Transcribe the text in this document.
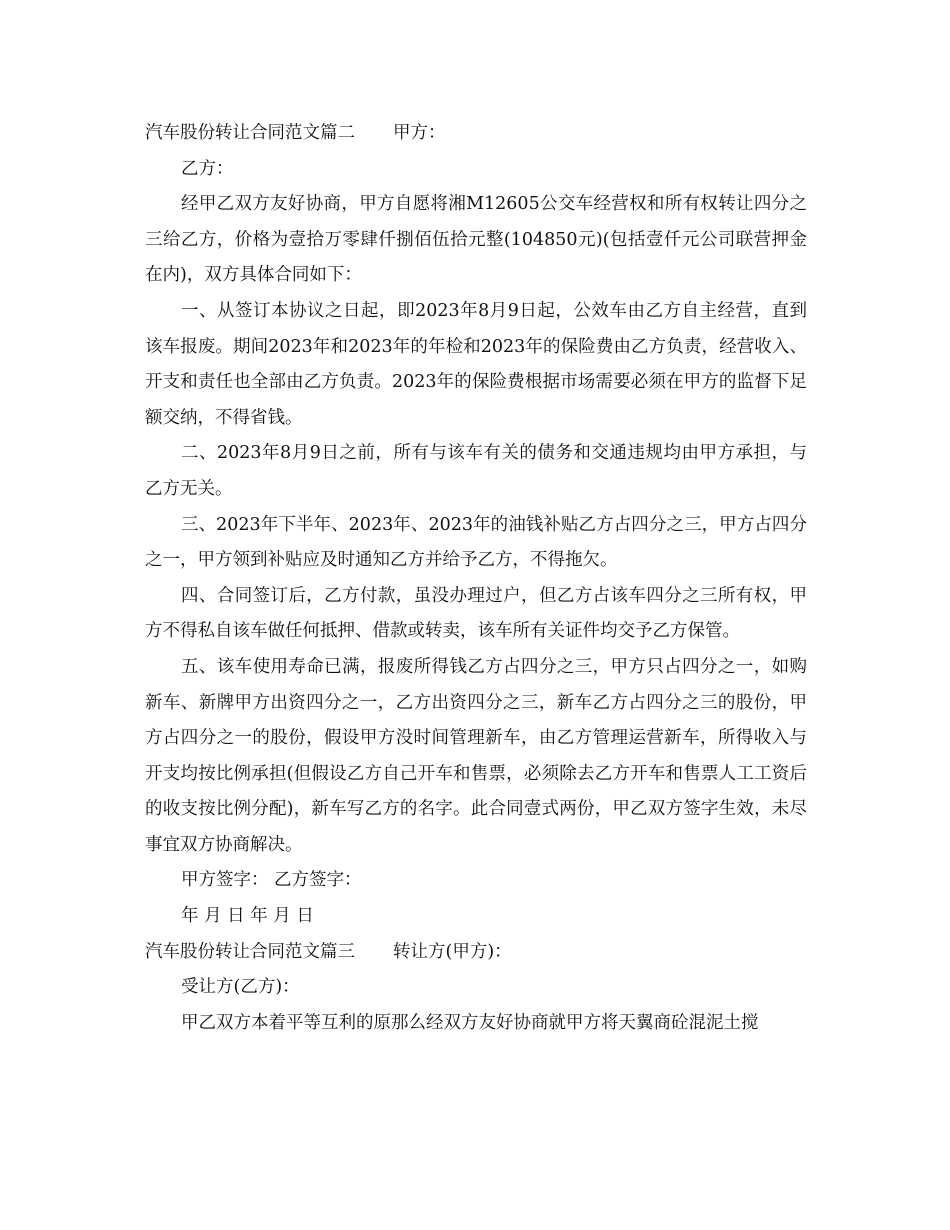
汽车股份转让合同范文篇二 甲方：

乙方：

经甲乙双方友好协商，甲方自愿将湘M12605公交车经营权和所有权转让四分之三给乙方，价格为壹拾万零肆仟捌佰伍拾元整(104850元)(包括壹仟元公司联营押金在内)，双方具体合同如下：

一、从签订本协议之日起，即2023年8月9日起，公效车由乙方自主经营，直到该车报废。期间2023年和2023年的年检和2023年的保险费由乙方负责，经营收入、开支和责任也全部由乙方负责。2023年的保险费根据市场需要必须在甲方的监督下足额交纳，不得省钱。

二、2023年8月9日之前，所有与该车有关的债务和交通违规均由甲方承担，与乙方无关。

三、2023年下半年、2023年、2023年的油钱补贴乙方占四分之三，甲方占四分之一，甲方领到补贴应及时通知乙方并给予乙方，不得拖欠。

四、合同签订后，乙方付款，虽没办理过户，但乙方占该车四分之三所有权，甲方不得私自该车做任何抵押、借款或转卖，该车所有关证件均交予乙方保管。

五、该车使用寿命已满，报废所得钱乙方占四分之三，甲方只占四分之一，如购新车、新牌甲方出资四分之一，乙方出资四分之三，新车乙方占四分之三的股份，甲方占四分之一的股份，假设甲方没时间管理新车，由乙方管理运营新车，所得收入与开支均按比例承担(但假设乙方自己开车和售票，必须除去乙方开车和售票人工工资后的收支按比例分配)，新车写乙方的名字。此合同壹式两份，甲乙双方签字生效，未尽事宜双方协商解决。

甲方签字： 乙方签字：

年 月 日 年 月 日

汽车股份转让合同范文篇三 转让方(甲方)：

受让方(乙方)：

甲乙双方本着平等互利的原那么经双方友好协商就甲方将天翼商砼混泥土搅
